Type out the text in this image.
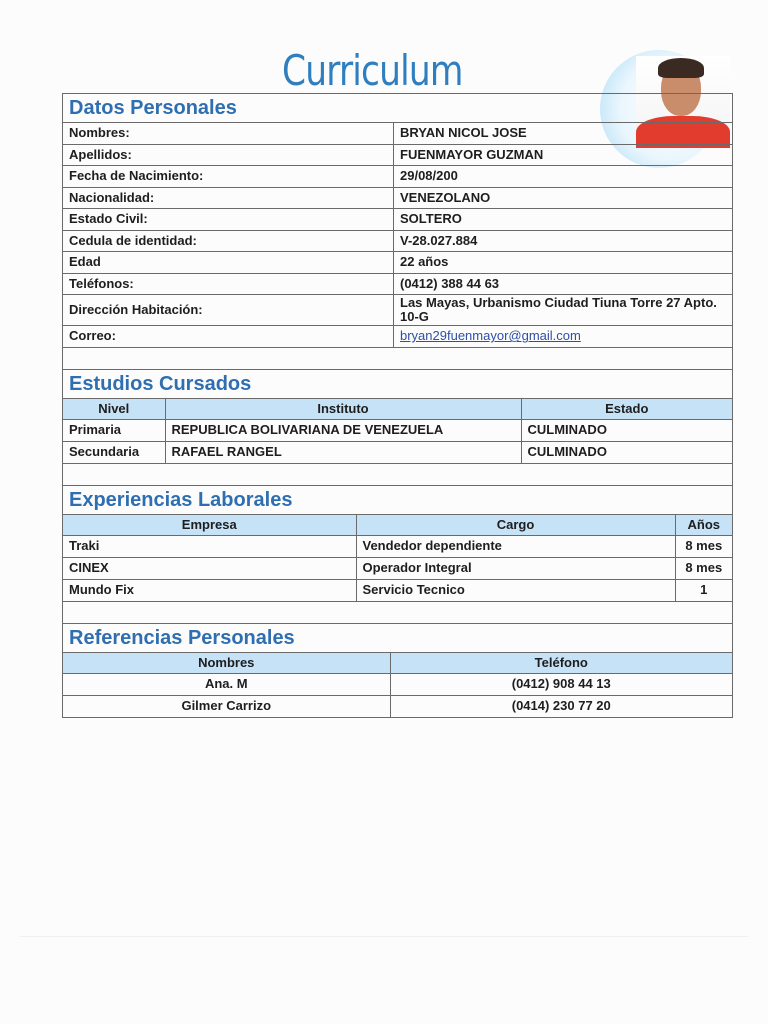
Curriculum
Datos Personales
Nombres:	BRYAN NICOL JOSE
Apellidos:	FUENMAYOR GUZMAN
Fecha de Nacimiento:	29/08/200
Nacionalidad:	VENEZOLANO
Estado Civil:	SOLTERO
Cedula de identidad:	V-28.027.884
Edad	22 años
Teléfonos:	(0412) 388 44 63
Dirección Habitación:	Las Mayas, Urbanismo Ciudad Tiuna Torre 27 Apto. 10-G
Correo:	bryan29fuenmayor@gmail.com
Estudios Cursados
Nivel	Instituto	Estado
Primaria	REPUBLICA BOLIVARIANA DE VENEZUELA	CULMINADO
Secundaria	RAFAEL RANGEL	CULMINADO
Experiencias Laborales
Empresa	Cargo	Años
Traki	Vendedor dependiente	8 mes
CINEX	Operador Integral	8 mes
Mundo Fix	Servicio Tecnico	1
Referencias Personales
Nombres	Teléfono
Ana. M	(0412) 908 44 13
Gilmer Carrizo	(0414) 230 77 20
